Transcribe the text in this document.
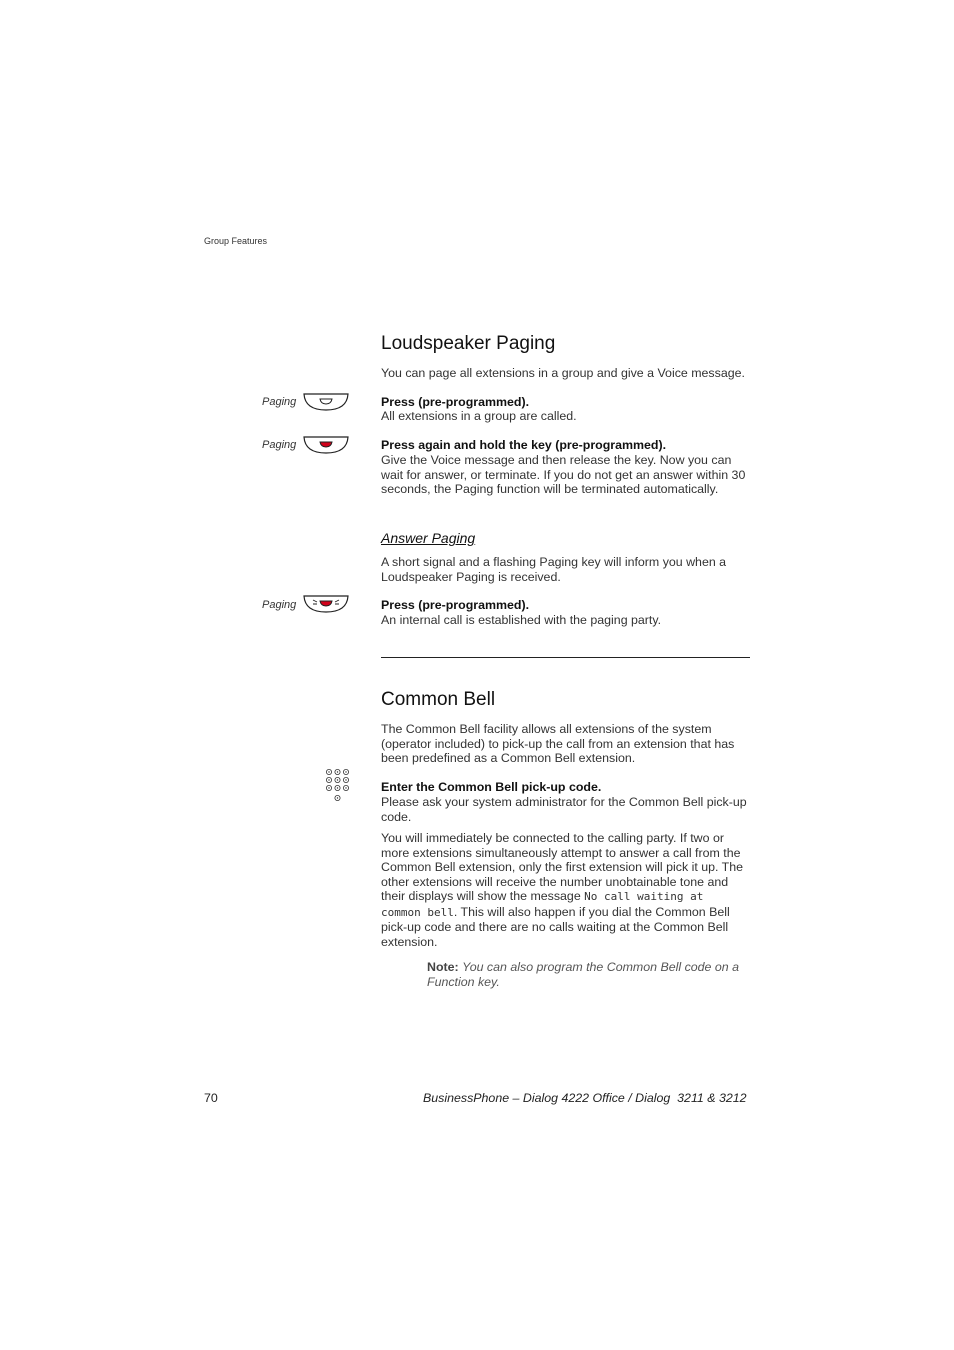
Group Features
Loudspeaker Paging
You can page all extensions in a group and give a Voice message.
Paging	Press (pre-programmed).
All extensions in a group are called.
Paging	Press again and hold the key (pre-programmed).
Give the Voice message and then release the key. Now you can wait for answer, or terminate. If you do not get an answer within 30 seconds, the Paging function will be terminated automatically.
Answer Paging
A short signal and a flashing Paging key will inform you when a Loudspeaker Paging is received.
Paging	Press (pre-programmed).
An internal call is established with the paging party.
Common Bell
The Common Bell facility allows all extensions of the system (operator included) to pick-up the call from an extension that has been predefined as a Common Bell extension.
Enter the Common Bell pick-up code.
Please ask your system administrator for the Common Bell pick-up code.
You will immediately be connected to the calling party. If two or more extensions simultaneously attempt to answer a call from the Common Bell extension, only the first extension will pick it up. The other extensions will receive the number unobtainable tone and their displays will show the message No call waiting at common bell. This will also happen if you dial the Common Bell pick-up code and there are no calls waiting at the Common Bell extension.
Note: You can also program the Common Bell code on a Function key.
70	BusinessPhone – Dialog 4222 Office / Dialog  3211 & 3212
